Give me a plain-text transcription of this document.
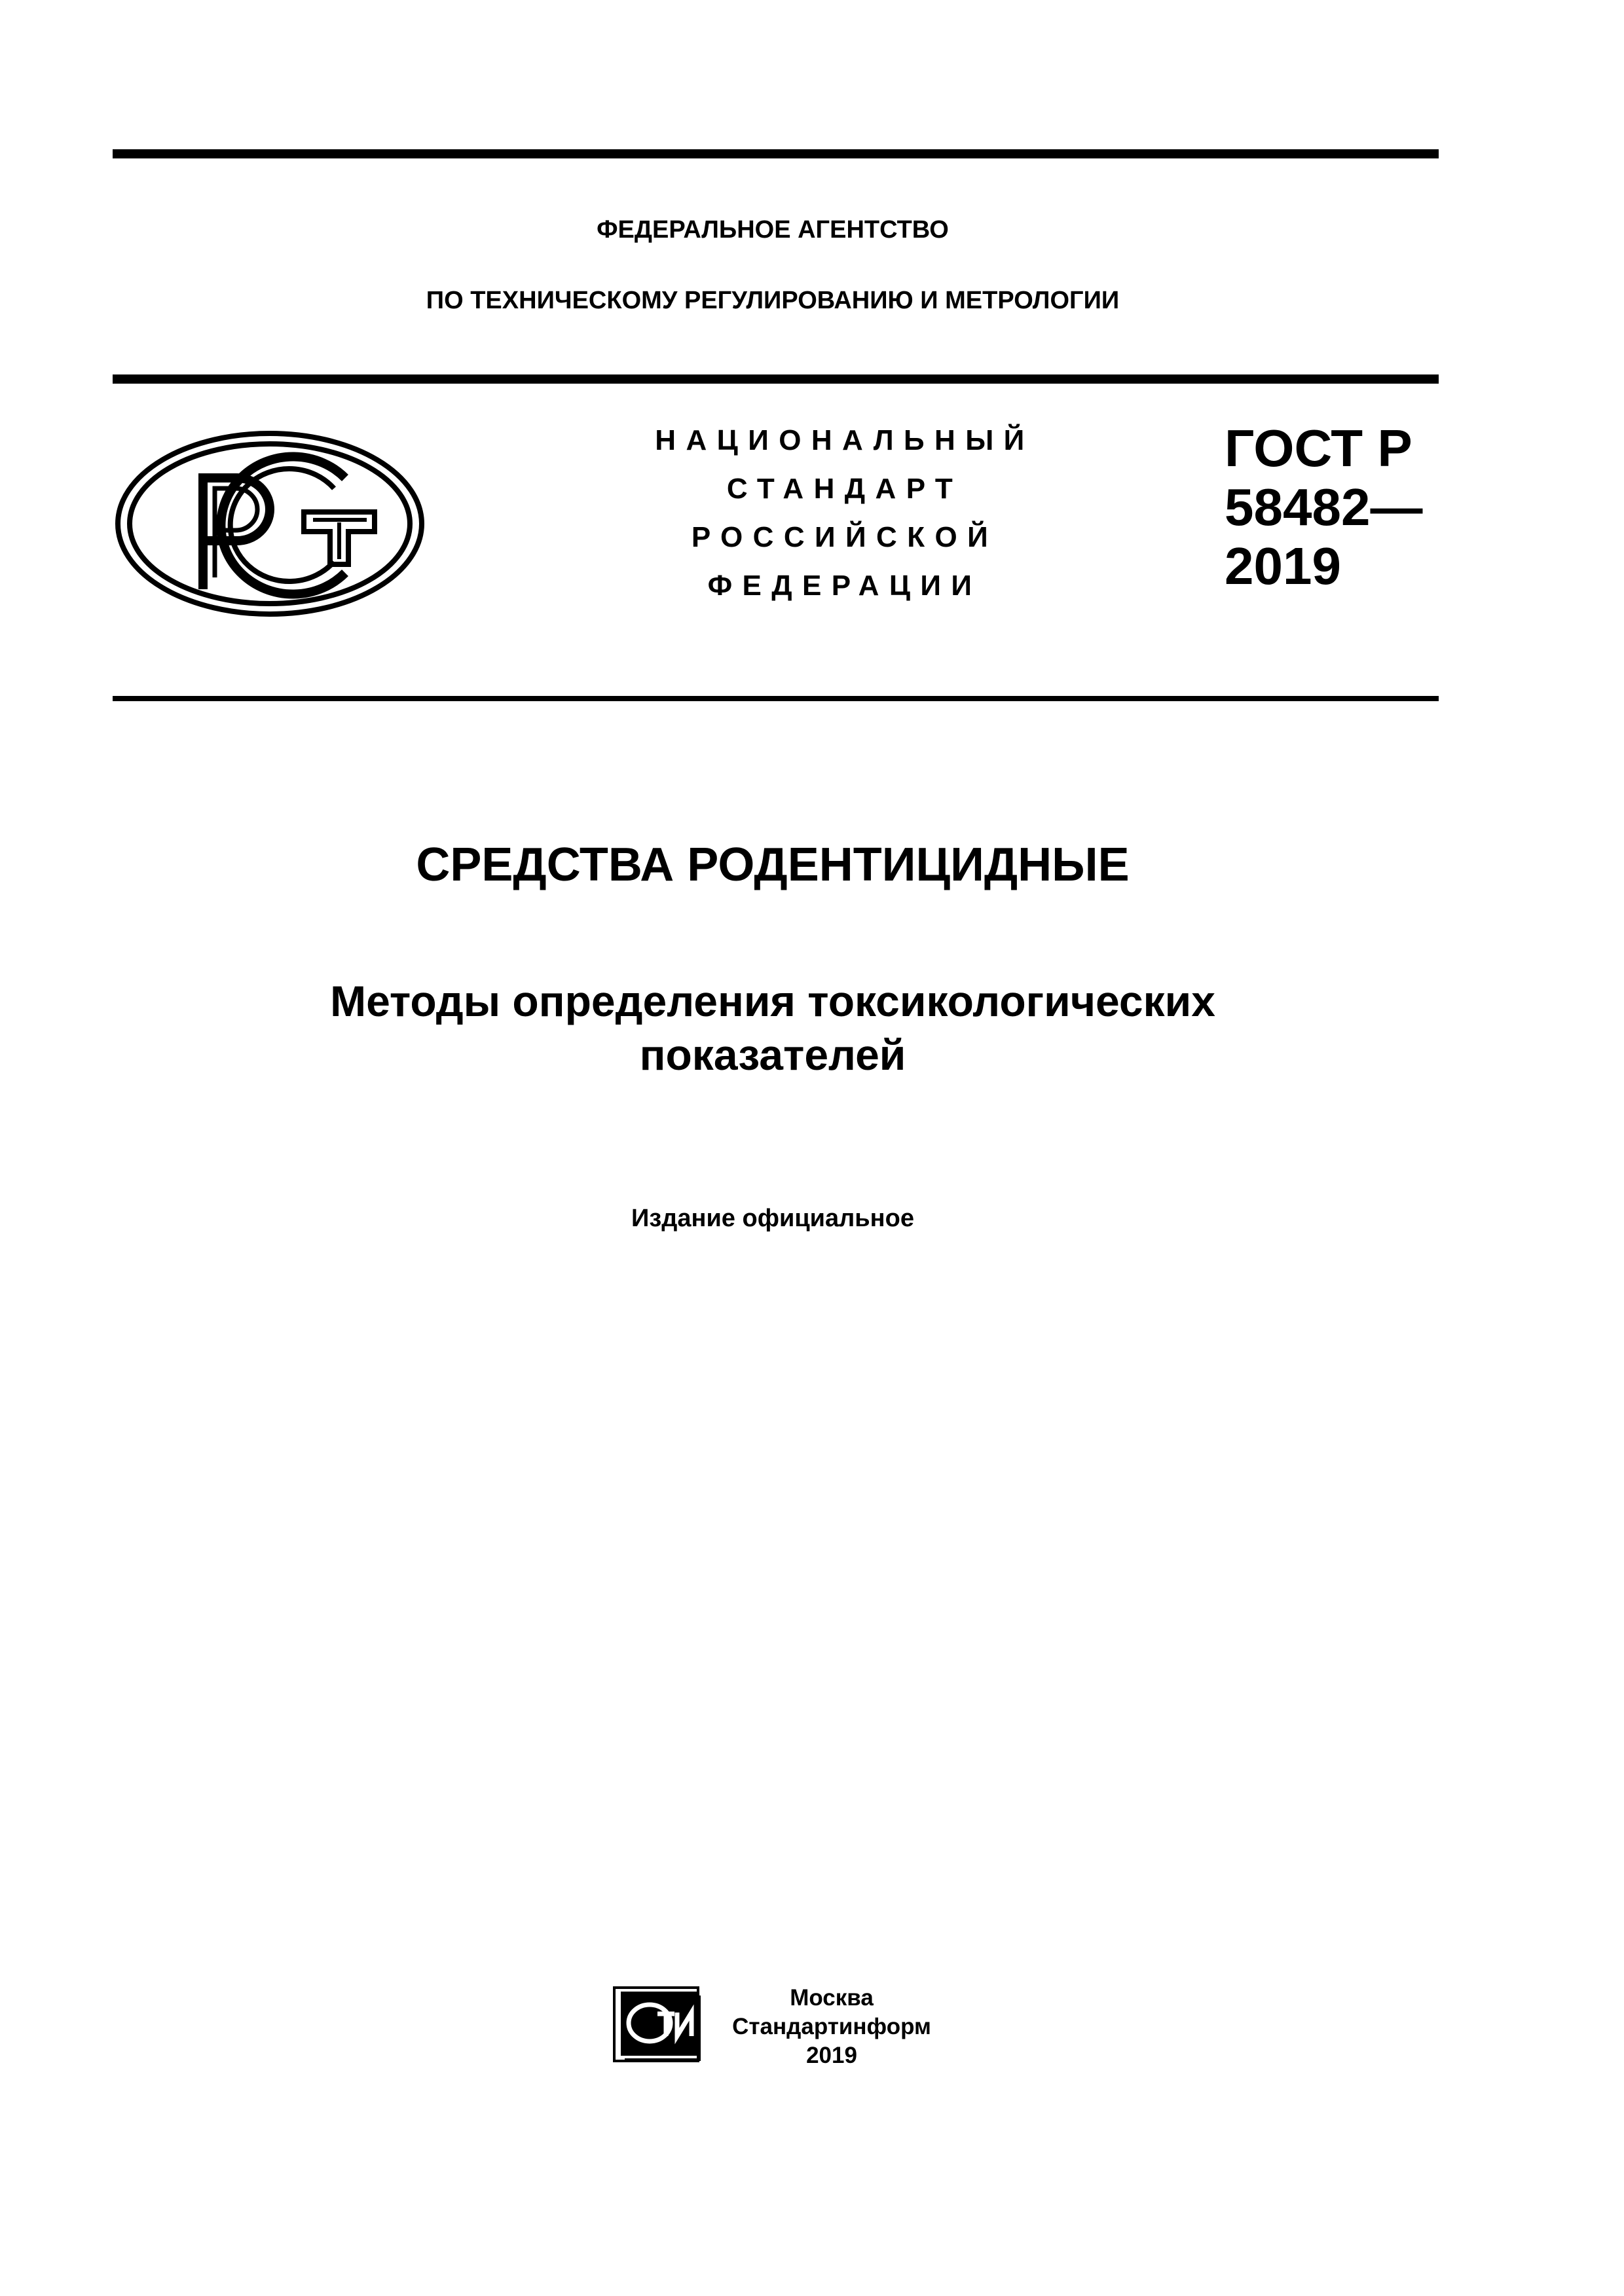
ФЕДЕРАЛЬНОЕ АГЕНТСТВО
ПО ТЕХНИЧЕСКОМУ РЕГУЛИРОВАНИЮ И МЕТРОЛОГИИ
НАЦИОНАЛЬНЫЙ
СТАНДАРТ
РОССИЙСКОЙ
ФЕДЕРАЦИИ
ГОСТ Р
58482—
2019
СРЕДСТВА РОДЕНТИЦИДНЫЕ
Методы определения токсикологических
показателей
Издание официальное
Москва
Стандартинформ
2019
